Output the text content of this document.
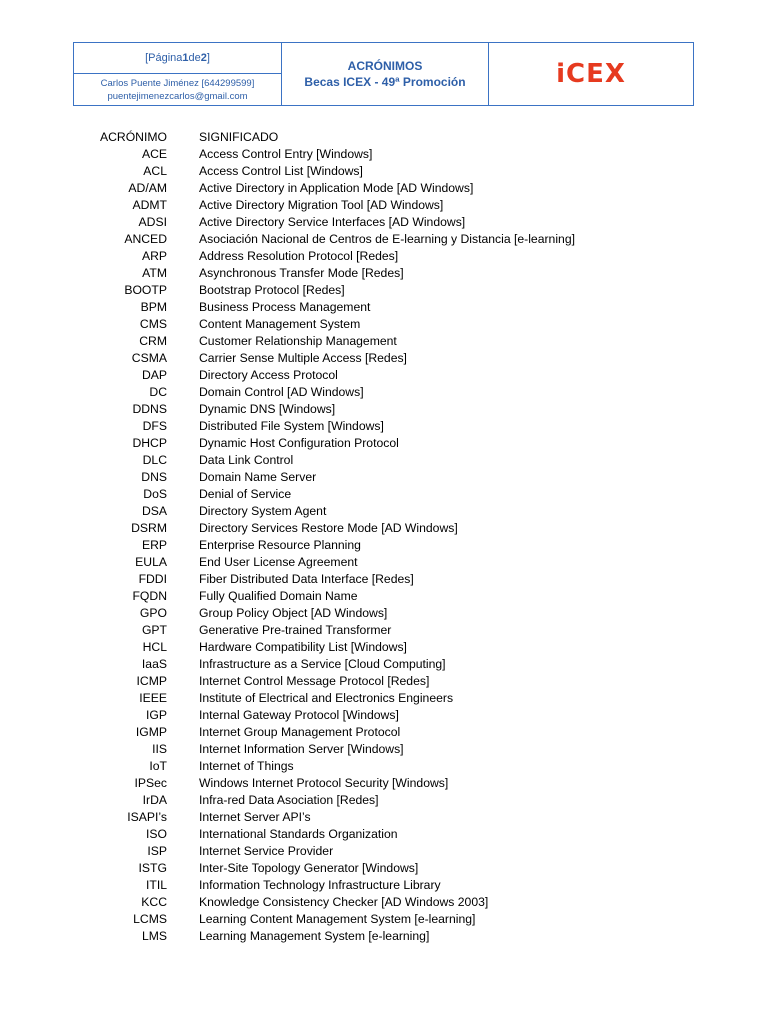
[Página 1 de 2 ]
Carlos Puente Jiménez [644299599]
puentejimenezcarlos@gmail.com
ACRÓNIMOS
Becas ICEX - 49ª Promoción	iCEX
ACRÓNIMO	SIGNIFICADO
ACE	Access Control Entry [Windows]
ACL	Access Control List [Windows]
AD/AM	Active Directory in Application Mode [AD Windows]
ADMT	Active Directory Migration Tool [AD Windows]
ADSI	Active Directory Service Interfaces [AD Windows]
ANCED	Asociación Nacional de Centros de E-learning y Distancia [e-learning]
ARP	Address Resolution Protocol [Redes]
ATM	Asynchronous Transfer Mode [Redes]
BOOTP	Bootstrap Protocol [Redes]
BPM	Business Process Management
CMS	Content Management System
CRM	Customer Relationship Management
CSMA	Carrier Sense Multiple Access [Redes]
DAP	Directory Access Protocol
DC	Domain Control [AD Windows]
DDNS	Dynamic DNS [Windows]
DFS	Distributed File System [Windows]
DHCP	Dynamic Host Configuration Protocol
DLC	Data Link Control
DNS	Domain Name Server
DoS	Denial of Service
DSA	Directory System Agent
DSRM	Directory Services Restore Mode [AD Windows]
ERP	Enterprise Resource Planning
EULA	End User License Agreement
FDDI	Fiber Distributed Data Interface [Redes]
FQDN	Fully Qualified Domain Name
GPO	Group Policy Object [AD Windows]
GPT	Generative Pre-trained Transformer
HCL	Hardware Compatibility List [Windows]
IaaS	Infrastructure as a Service [Cloud Computing]
ICMP	Internet Control Message Protocol [Redes]
IEEE	Institute of Electrical and Electronics Engineers
IGP	Internal Gateway Protocol [Windows]
IGMP	Internet Group Management Protocol
IIS	Internet Information Server [Windows]
IoT	Internet of Things
IPSec	Windows Internet Protocol Security [Windows]
IrDA	Infra-red Data Asociation [Redes]
ISAPI’s	Internet Server API’s
ISO	International Standards Organization
ISP	Internet Service Provider
ISTG	Inter-Site Topology Generator [Windows]
ITIL	Information Technology Infrastructure Library
KCC	Knowledge Consistency Checker [AD Windows 2003]
LCMS	Learning Content Management System [e-learning]
LMS	Learning Management System [e-learning]
